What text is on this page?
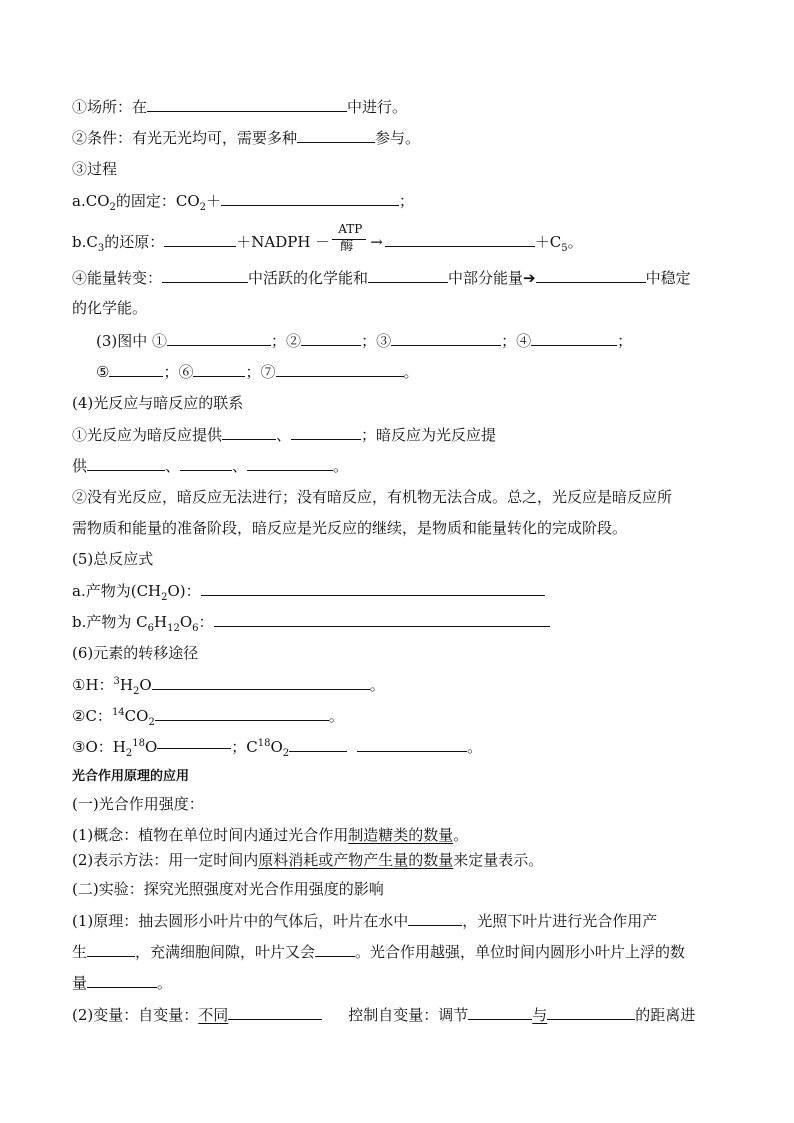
①场所：在	中进行。
②条件：有光无光均可，需要多种	参与。
③过程
$a.CO_2$的固定：$CO_2+$	；
$b.C_3$的还原：	＋NADPH － $\frac{\text{ATP}}{\text{酶}}$ →	$+C_5$。
④能量转变：	中活跃的化学能和	中部分能量➔	中稳定
的化学能。
(3)图中 ①	；②	；③	；④	；
⑤	；⑥	；⑦	。
(4)光反应与暗反应的联系
①光反应为暗反应提供	、	；暗反应为光反应提
供	、	、	。
②没有光反应，暗反应无法进行；没有暗反应，有机物无法合成。总之，光反应是暗反应所
需物质和能量的准备阶段，暗反应是光反应的继续，是物质和能量转化的完成阶段。
(5)总反应式
a.产物为$(CH_2O)$：
b.产物为 $C_6H_{12}O_6$：
(6)元素的转移途径
①H：$^3H_2O$	。
②C：$^{14}CO_2$	。
③O：$H_2^{18}O$	；$C^{18}O_2$	。
光合作用原理的应用
(一)光合作用强度：
(1)概念：植物在单位时间内通过光合作用制造糖类的数量。
(2)表示方法：用一定时间内原料消耗或产物产生量的数量来定量表示。
(二)实验：探究光照强度对光合作用强度的影响
(1)原理：抽去圆形小叶片中的气体后，叶片在水中	，光照下叶片进行光合作用产
生	，充满细胞间隙，叶片又会	。光合作用越强，单位时间内圆形小叶片上浮的数
量	。
(2)变量：自变量：不同	控制自变量：调节	与	的距离进
